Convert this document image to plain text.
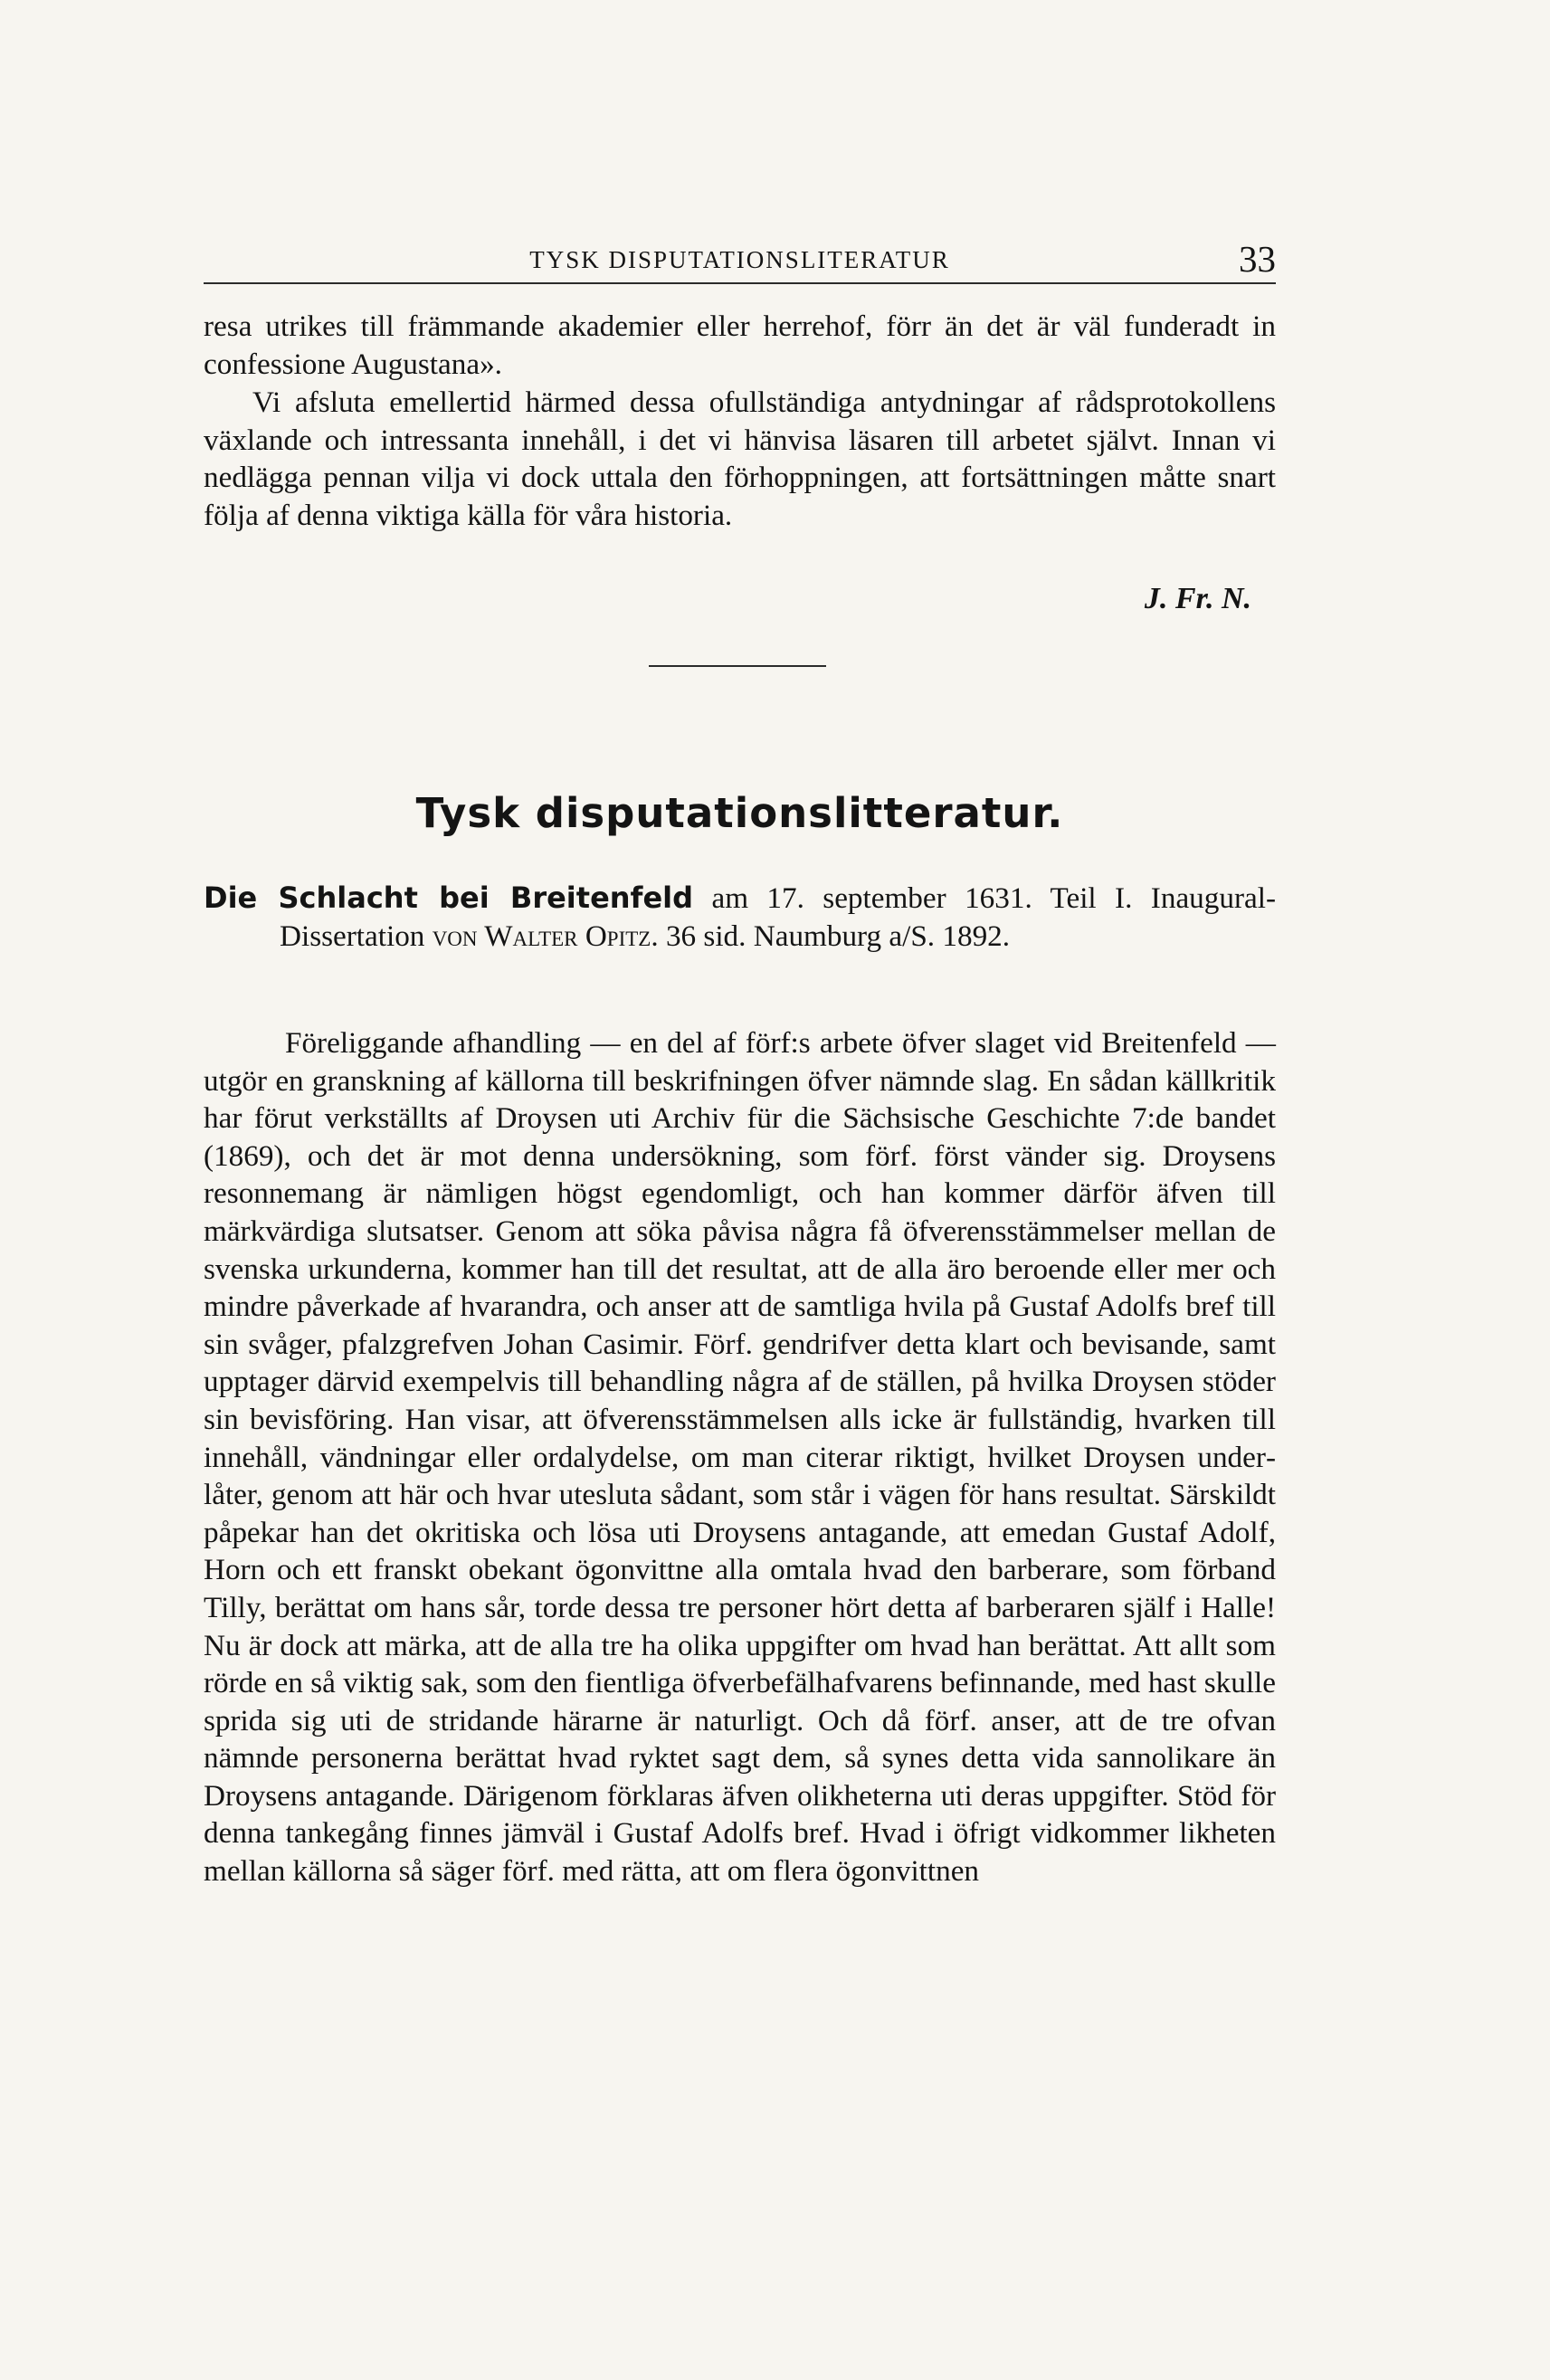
TYSK DISPUTATIONSLITERATUR	33

resa utrikes till främmande akademier eller herrehof, förr än det är väl funderadt in confessione Augustana».

Vi afsluta emellertid härmed dessa ofullständiga antydningar af rådsprotokollens växlande och intressanta innehåll, i det vi hänvisa läsaren till arbetet självt. Innan vi nedlägga pennan vilja vi dock uttala den förhoppningen, att fortsättningen måtte snart följa af denna viktiga källa för våra historia.

J. Fr. N.
Tysk disputationslitteratur.

Die Schlacht bei Breitenfeld am 17. september 1631. Teil I. Inaugural-Dissertation von Walter Opitz. 36 sid. Naumburg a/S. 1892.

Föreliggande afhandling — en del af förf:s arbete öfver slaget vid Breitenfeld — utgör en granskning af källorna till beskrifningen öfver nämnde slag. En sådan källkritik har förut verkställts af Droysen uti Archiv für die Sächsische Geschichte 7:de bandet (1869), och det är mot denna undersökning, som förf. först vänder sig. Droysens resonnemang är nämligen högst egendomligt, och han kommer därför äfven till märkvärdiga slutsatser. Genom att söka påvisa några få öfverensstämmelser mellan de svenska urkunderna, kommer han till det resultat, att de alla äro beroende eller mer och mindre påverkade af hvarandra, och anser att de samtliga hvila på Gustaf Adolfs bref till sin svåger, pfalzgrefven Johan Casimir. Förf. gendrifver detta klart och bevisande, samt upptager därvid exempelvis till behandling några af de ställen, på hvilka Droysen stöder sin bevisföring. Han visar, att öfverensstämmelsen alls icke är fullständig, hvarken till innehåll, vändningar eller ordalydelse, om man citerar riktigt, hvilket Droysen underlåter, genom att här och hvar utesluta sådant, som står i vägen för hans resultat. Särskildt påpekar han det okritiska och lösa uti Droysens antagande, att emedan Gustaf Adolf, Horn och ett franskt obekant ögonvittne alla omtala hvad den barberare, som förband Tilly, berättat om hans sår, torde dessa tre personer hört detta af barberaren själf i Halle! Nu är dock att märka, att de alla tre ha olika uppgifter om hvad han berättat. Att allt som rörde en så viktig sak, som den fientliga öfverbefälhafvarens befinnande, med hast skulle sprida sig uti de stridande härarne är naturligt. Och då förf. anser, att de tre ofvan nämnde personerna berättat hvad ryktet sagt dem, så synes detta vida sannolikare än Droysens antagande. Därigenom förklaras äfven olikheterna uti deras uppgifter. Stöd för denna tankegång finnes jämväl i Gustaf Adolfs bref. Hvad i öfrigt vidkommer likheten mellan källorna så säger förf. med rätta, att om flera ögonvittnen
